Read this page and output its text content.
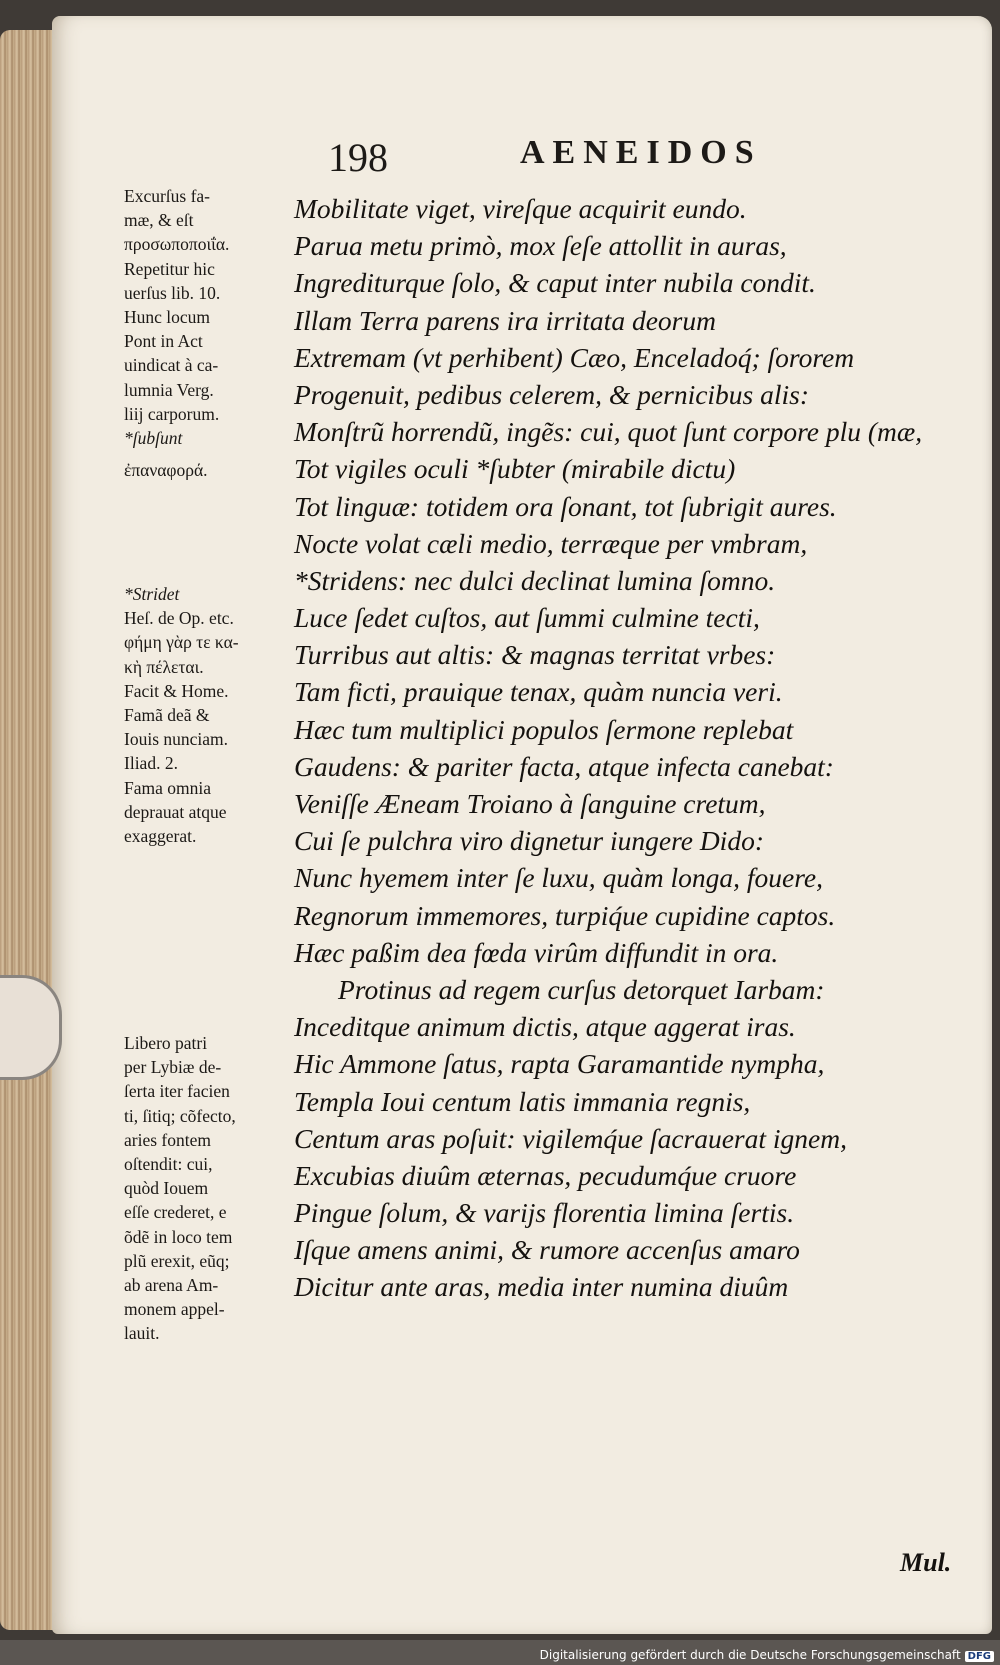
198	AENEIDOS
Excurſus fa-
mæ, & eſt
προσωποποιΐα.
Repetitur hic
uerſus lib. 10.
Hunc locum
Pont in Act
uindicat à ca-
lumnia Verg.
liij carporum.
*ſubſunt
ἐπαναφορά.
*Stridet
Heſ. de Op. etc.
φήμη γὰρ τε κα-
κὴ πέλεται.
Facit & Home.
Famã deã &
Iouis nunciam.
Iliad. 2.
Fama omnia
deprauat atque
exaggerat.
Libero patri
per Lybiæ de-
ſerta iter facien
ti, ſitiq; cõfecto,
aries fontem
oſtendit: cui,
quòd Iouem
eſſe crederet, e
õdẽ in loco tem
plũ erexit, eũq;
ab arena Am-
monem appel-
lauit.
Mobilitate viget, vireſque acquirit eundo.
Parua metu primò, mox ſeſe attollit in auras,
Ingrediturque ſolo, & caput inter nubila condit.
Illam Terra parens ira irritata deorum
Extremam (vt perhibent) Cæo, Enceladoq́; ſororem
Progenuit, pedibus celerem, & pernicibus alis:
Monſtrũ horrendũ, ingẽs: cui, quot ſunt corpore plu (mæ,
Tot vigiles oculi *ſubter (mirabile dictu)
Tot linguæ: totidem ora ſonant, tot ſubrigit aures.
Nocte volat cæli medio, terræque per vmbram,
*Stridens: nec dulci declinat lumina ſomno.
Luce ſedet cuſtos, aut ſummi culmine tecti,
Turribus aut altis: & magnas territat vrbes:
Tam ficti, prauique tenax, quàm nuncia veri.
Hæc tum multiplici populos ſermone replebat
Gaudens: & pariter facta, atque infecta canebat:
Veniſſe Æneam Troiano à ſanguine cretum,
Cui ſe pulchra viro dignetur iungere Dido:
Nunc hyemem inter ſe luxu, quàm longa, fouere,
Regnorum immemores, turpiq́ue cupidine captos.
Hæc paßim dea fœda virûm diffundit in ora.
Protinus ad regem curſus detorquet Iarbam:
Inceditque animum dictis, atque aggerat iras.
Hic Ammone ſatus, rapta Garamantide nympha,
Templa Ioui centum latis immania regnis,
Centum aras poſuit: vigilemq́ue ſacrauerat ignem,
Excubias diuûm æternas, pecudumq́ue cruore
Pingue ſolum, & varijs florentia limina ſertis.
Iſque amens animi, & rumore accenſus amaro
Dicitur ante aras, media inter numina diuûm
Mul.
Digitalisierung gefördert durch die Deutsche Forschungsgemeinschaft DFG
